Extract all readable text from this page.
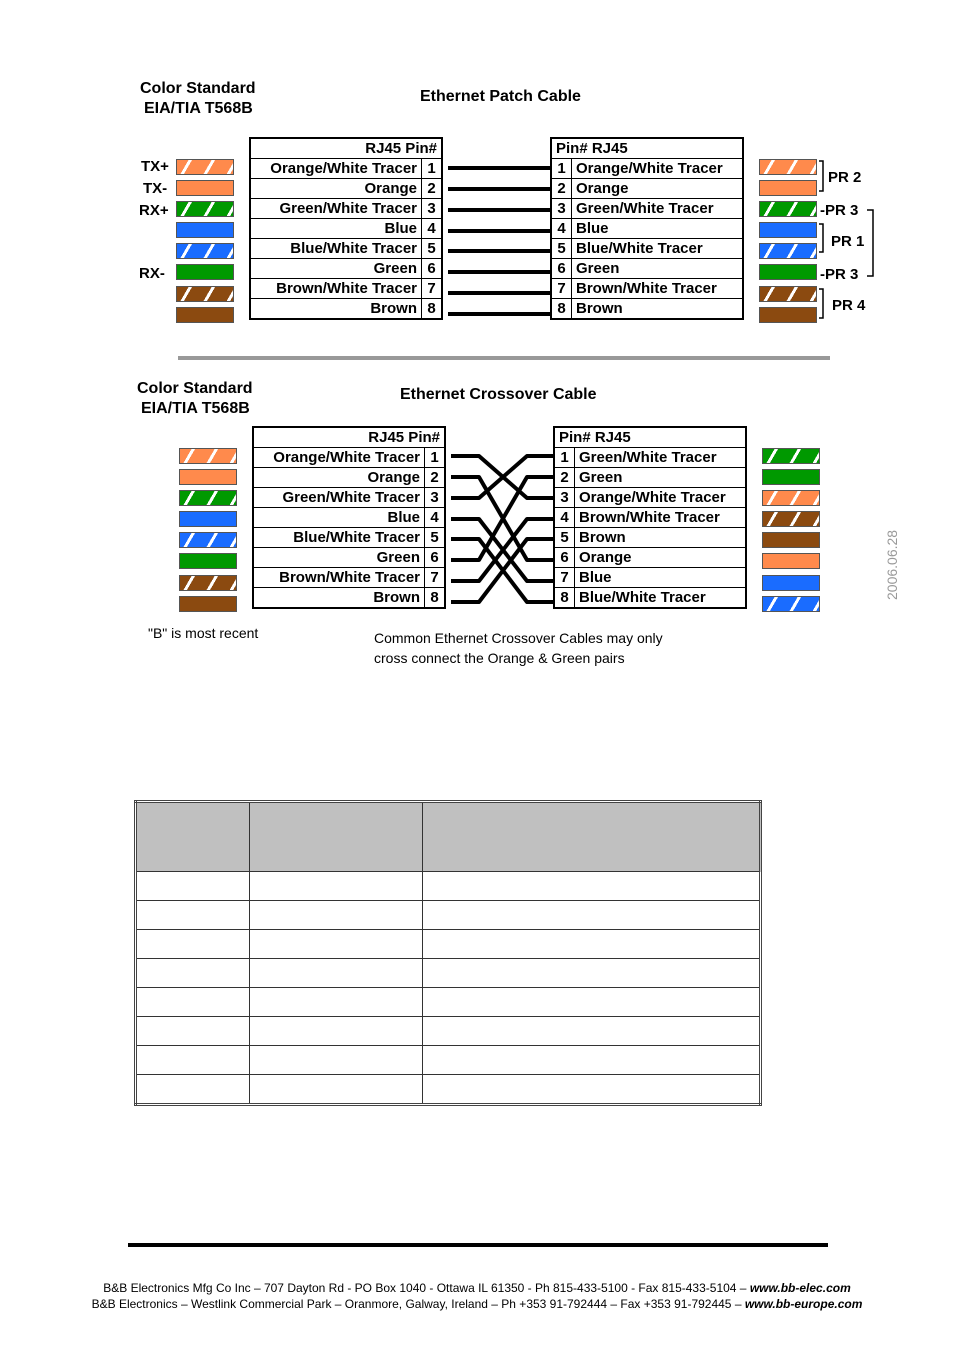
Color Standard
EIA/TIA T568B
Ethernet Patch Cable
TX+
TX-
RX+
RX-
RJ45 Pin#	
Orange/White Tracer	1
Orange	2
Green/White Tracer	3
Blue	4
Blue/White Tracer	5
Green	6
Brown/White Tracer	7
Brown	8
Pin# RJ45	
1	Orange/White Tracer
2	Orange
3	Green/White Tracer
4	Blue
5	Blue/White Tracer
6	Green
7	Brown/White Tracer
8	Brown
PR 2
-PR 3
PR 1
-PR 3
PR 4
Color Standard
EIA/TIA T568B
Ethernet Crossover Cable
RJ45 Pin#	
Orange/White Tracer	1
Orange	2
Green/White Tracer	3
Blue	4
Blue/White Tracer	5
Green	6
Brown/White Tracer	7
Brown	8
Pin# RJ45	
1	Green/White Tracer
2	Green
3	Orange/White Tracer
4	Brown/White Tracer
5	Brown
6	Orange
7	Blue
8	Blue/White Tracer	2006.06.28
"B" is most recent	Common Ethernet Crossover Cables may only
cross connect the Orange & Green pairs

B&B Electronics Mfg Co Inc – 707 Dayton Rd - PO Box 1040 - Ottawa IL 61350 - Ph 815-433-5100 - Fax 815-433-5104 – www.bb-elec.com
B&B Electronics – Westlink Commercial Park – Oranmore, Galway, Ireland – Ph +353 91-792444 – Fax +353 91-792445 – www.bb-europe.com
